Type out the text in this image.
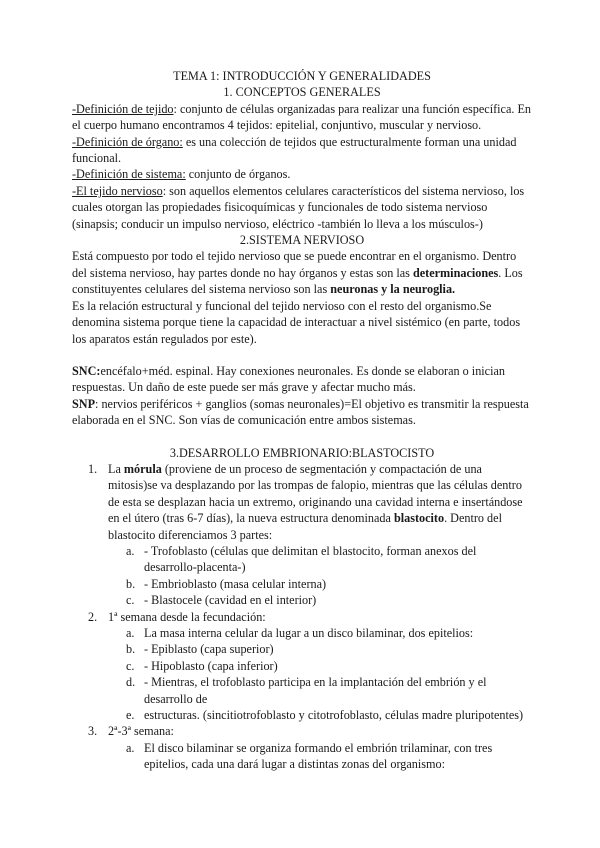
TEMA 1: INTRODUCCIÓN Y GENERALIDADES

1. CONCEPTOS GENERALES

-Definición de tejido: conjunto de células organizadas para realizar una función específica. En el cuerpo humano encontramos 4 tejidos: epitelial, conjuntivo, muscular y nervioso.

-Definición de órgano: es una colección de tejidos que estructuralmente forman una unidad funcional.

-Definición de sistema: conjunto de órganos.

-El tejido nervioso: son aquellos elementos celulares característicos del sistema nervioso, los cuales otorgan las propiedades fisicoquímicas y funcionales de todo sistema nervioso (sinapsis; conducir un impulso nervioso, eléctrico -también lo lleva a los músculos-)

2.SISTEMA NERVIOSO

Está compuesto por todo el tejido nervioso que se puede encontrar en el organismo. Dentro del sistema nervioso, hay partes donde no hay órganos y estas son las determinaciones. Los constituyentes celulares del sistema nervioso son las neuronas y la neuroglia.

Es la relación estructural y funcional del tejido nervioso con el resto del organismo.Se denomina sistema porque tiene la capacidad de interactuar a nivel sistémico (en parte, todos los aparatos están regulados por este).

SNC:encéfalo+méd. espinal. Hay conexiones neuronales. Es donde se elaboran o inician respuestas. Un daño de este puede ser más grave y afectar mucho más.

SNP: nervios periféricos + ganglios (somas neuronales)=El objetivo es transmitir la respuesta elaborada en el SNC. Son vías de comunicación entre ambos sistemas.

3.DESARROLLO EMBRIONARIO:BLASTOCISTO

1. La mórula (proviene de un proceso de segmentación y compactación de una mitosis)se va desplazando por las trompas de falopio, mientras que las células dentro de esta se desplazan hacia un extremo, originando una cavidad interna e insertándose en el útero (tras 6-7 días), la nueva estructura denominada blastocito. Dentro del blastocito diferenciamos 3 partes:
a. - Trofoblasto (células que delimitan el blastocito, forman anexos del desarrollo-placenta-)
b. - Embrioblasto (masa celular interna)
c. - Blastocele (cavidad en el interior)
2. 1ª semana desde la fecundación:
a. La masa interna celular da lugar a un disco bilaminar, dos epitelios:
b. - Epiblasto (capa superior)
c. - Hipoblasto (capa inferior)
d. - Mientras, el trofoblasto participa en la implantación del embrión y el desarrollo de
e. estructuras. (sincitiotrofoblasto y citotrofoblasto, células madre pluripotentes)
3. 2ª-3ª semana:
a. El disco bilaminar se organiza formando el embrión trilaminar, con tres epitelios, cada una dará lugar a distintas zonas del organismo:
